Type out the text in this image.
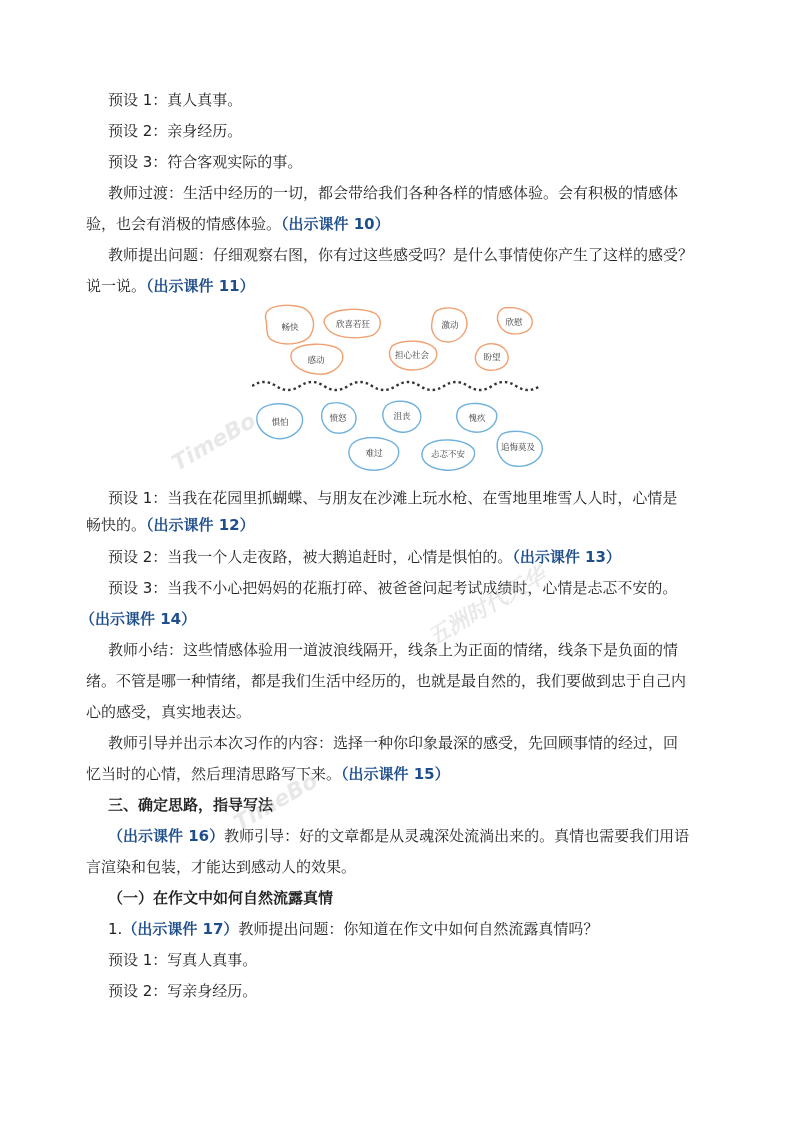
预设 1：真人真事。
预设 2：亲身经历。
预设 3：符合客观实际的事。
教师过渡：生活中经历的一切，都会带给我们各种各样的情感体验。会有积极的情感体
验，也会有消极的情感体验。（出示课件 10）
教师提出问题：仔细观察右图，你有过这些感受吗？是什么事情使你产生了这样的感受？
说一说。（出示课件 11）
畅快	欣喜若狂	激动	欣慰
感动	担心社会	盼望
惧怕	愤怒	沮丧	愧疚
难过	忐忑不安
追悔莫及
预设 1：当我在花园里抓蝴蝶、与朋友在沙滩上玩水枪、在雪地里堆雪人人时，心情是
畅快的。（出示课件 12）
预设 2：当我一个人走夜路，被大鹅追赶时，心情是惧怕的。（出示课件 13）
预设 3：当我不小心把妈妈的花瓶打碎、被爸爸问起考试成绩时，心情是忐忑不安的。
（出示课件 14）
教师小结：这些情感体验用一道波浪线隔开，线条上为正面的情绪，线条下是负面的情
绪。不管是哪一种情绪，都是我们生活中经历的，也就是最自然的，我们要做到忠于自己内
心的感受，真实地表达。
教师引导并出示本次习作的内容：选择一种你印象最深的感受，先回顾事情的经过，回
忆当时的心情，然后理清思路写下来。（出示课件 15）
三、确定思路，指导写法
（出示课件 16）教师引导：好的文章都是从灵魂深处流淌出来的。真情也需要我们用语
言渲染和包装，才能达到感动人的效果。
（一）在作文中如何自然流露真情
1.（出示课件 17）教师提出问题：你知道在作文中如何自然流露真情吗？
预设 1：写真人真事。
预设 2：写亲身经历。
TimeBo
五洲时代天华
TimeBo
